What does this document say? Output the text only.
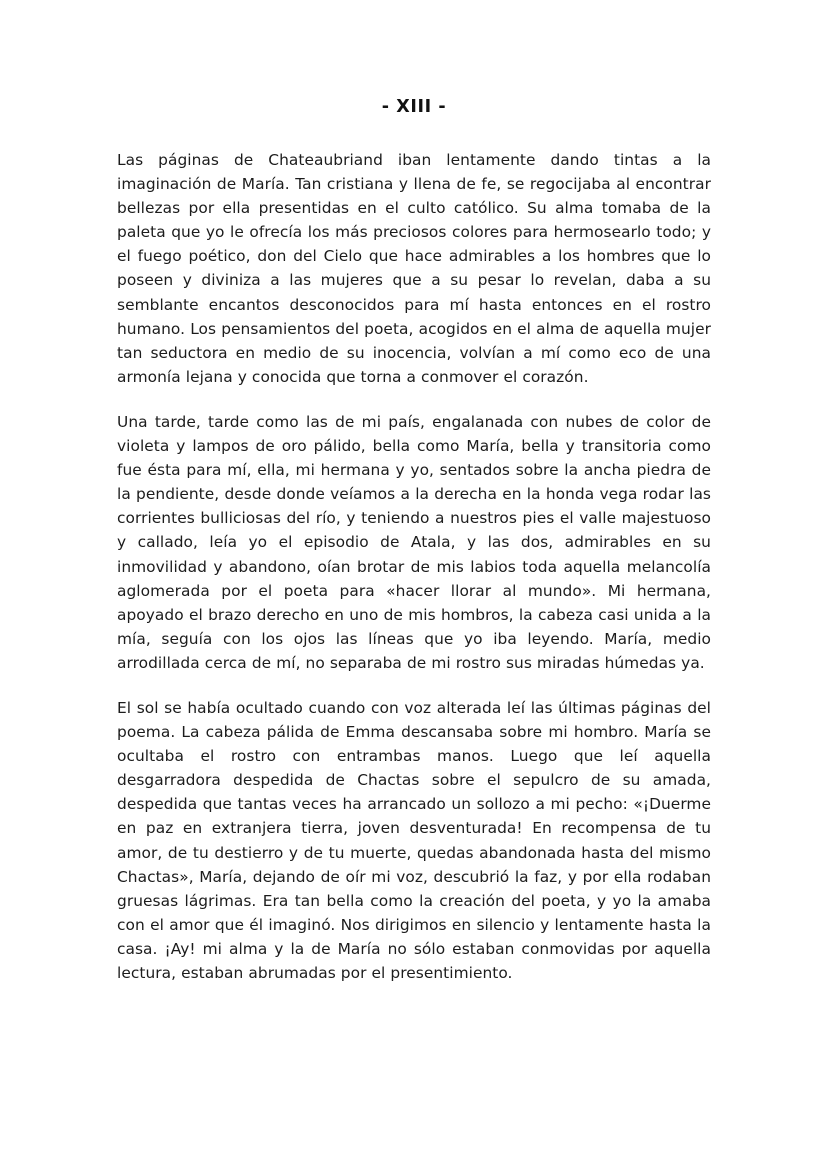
- XIII -

Las páginas de Chateaubriand iban lentamente dando tintas a la imaginación de María. Tan cristiana y llena de fe, se regocijaba al encontrar bellezas por ella presentidas en el culto católico. Su alma tomaba de la paleta que yo le ofrecía los más preciosos colores para hermosearlo todo; y el fuego poético, don del Cielo que hace admirables a los hombres que lo poseen y diviniza a las mujeres que a su pesar lo revelan, daba a su semblante encantos desconocidos para mí hasta entonces en el rostro humano. Los pensamientos del poeta, acogidos en el alma de aquella mujer tan seductora en medio de su inocencia, volvían a mí como eco de una armonía lejana y conocida que torna a conmover el corazón.

Una tarde, tarde como las de mi país, engalanada con nubes de color de violeta y lampos de oro pálido, bella como María, bella y transitoria como fue ésta para mí, ella, mi hermana y yo, sentados sobre la ancha piedra de la pendiente, desde donde veíamos a la derecha en la honda vega rodar las corrientes bulliciosas del río, y teniendo a nuestros pies el valle majestuoso y callado, leía yo el episodio de Atala, y las dos, admirables en su inmovilidad y abandono, oían brotar de mis labios toda aquella melancolía aglomerada por el poeta para «hacer llorar al mundo». Mi hermana, apoyado el brazo derecho en uno de mis hombros, la cabeza casi unida a la mía, seguía con los ojos las líneas que yo iba leyendo. María, medio arrodillada cerca de mí, no separaba de mi rostro sus miradas húmedas ya.

El sol se había ocultado cuando con voz alterada leí las últimas páginas del poema. La cabeza pálida de Emma descansaba sobre mi hombro. María se ocultaba el rostro con entrambas manos. Luego que leí aquella desgarradora despedida de Chactas sobre el sepulcro de su amada, despedida que tantas veces ha arrancado un sollozo a mi pecho: «¡Duerme en paz en extranjera tierra, joven desventurada! En recompensa de tu amor, de tu destierro y de tu muerte, quedas abandonada hasta del mismo Chactas», María, dejando de oír mi voz, descubrió la faz, y por ella rodaban gruesas lágrimas. Era tan bella como la creación del poeta, y yo la amaba con el amor que él imaginó. Nos dirigimos en silencio y lentamente hasta la casa. ¡Ay! mi alma y la de María no sólo estaban conmovidas por aquella lectura, estaban abrumadas por el presentimiento.
